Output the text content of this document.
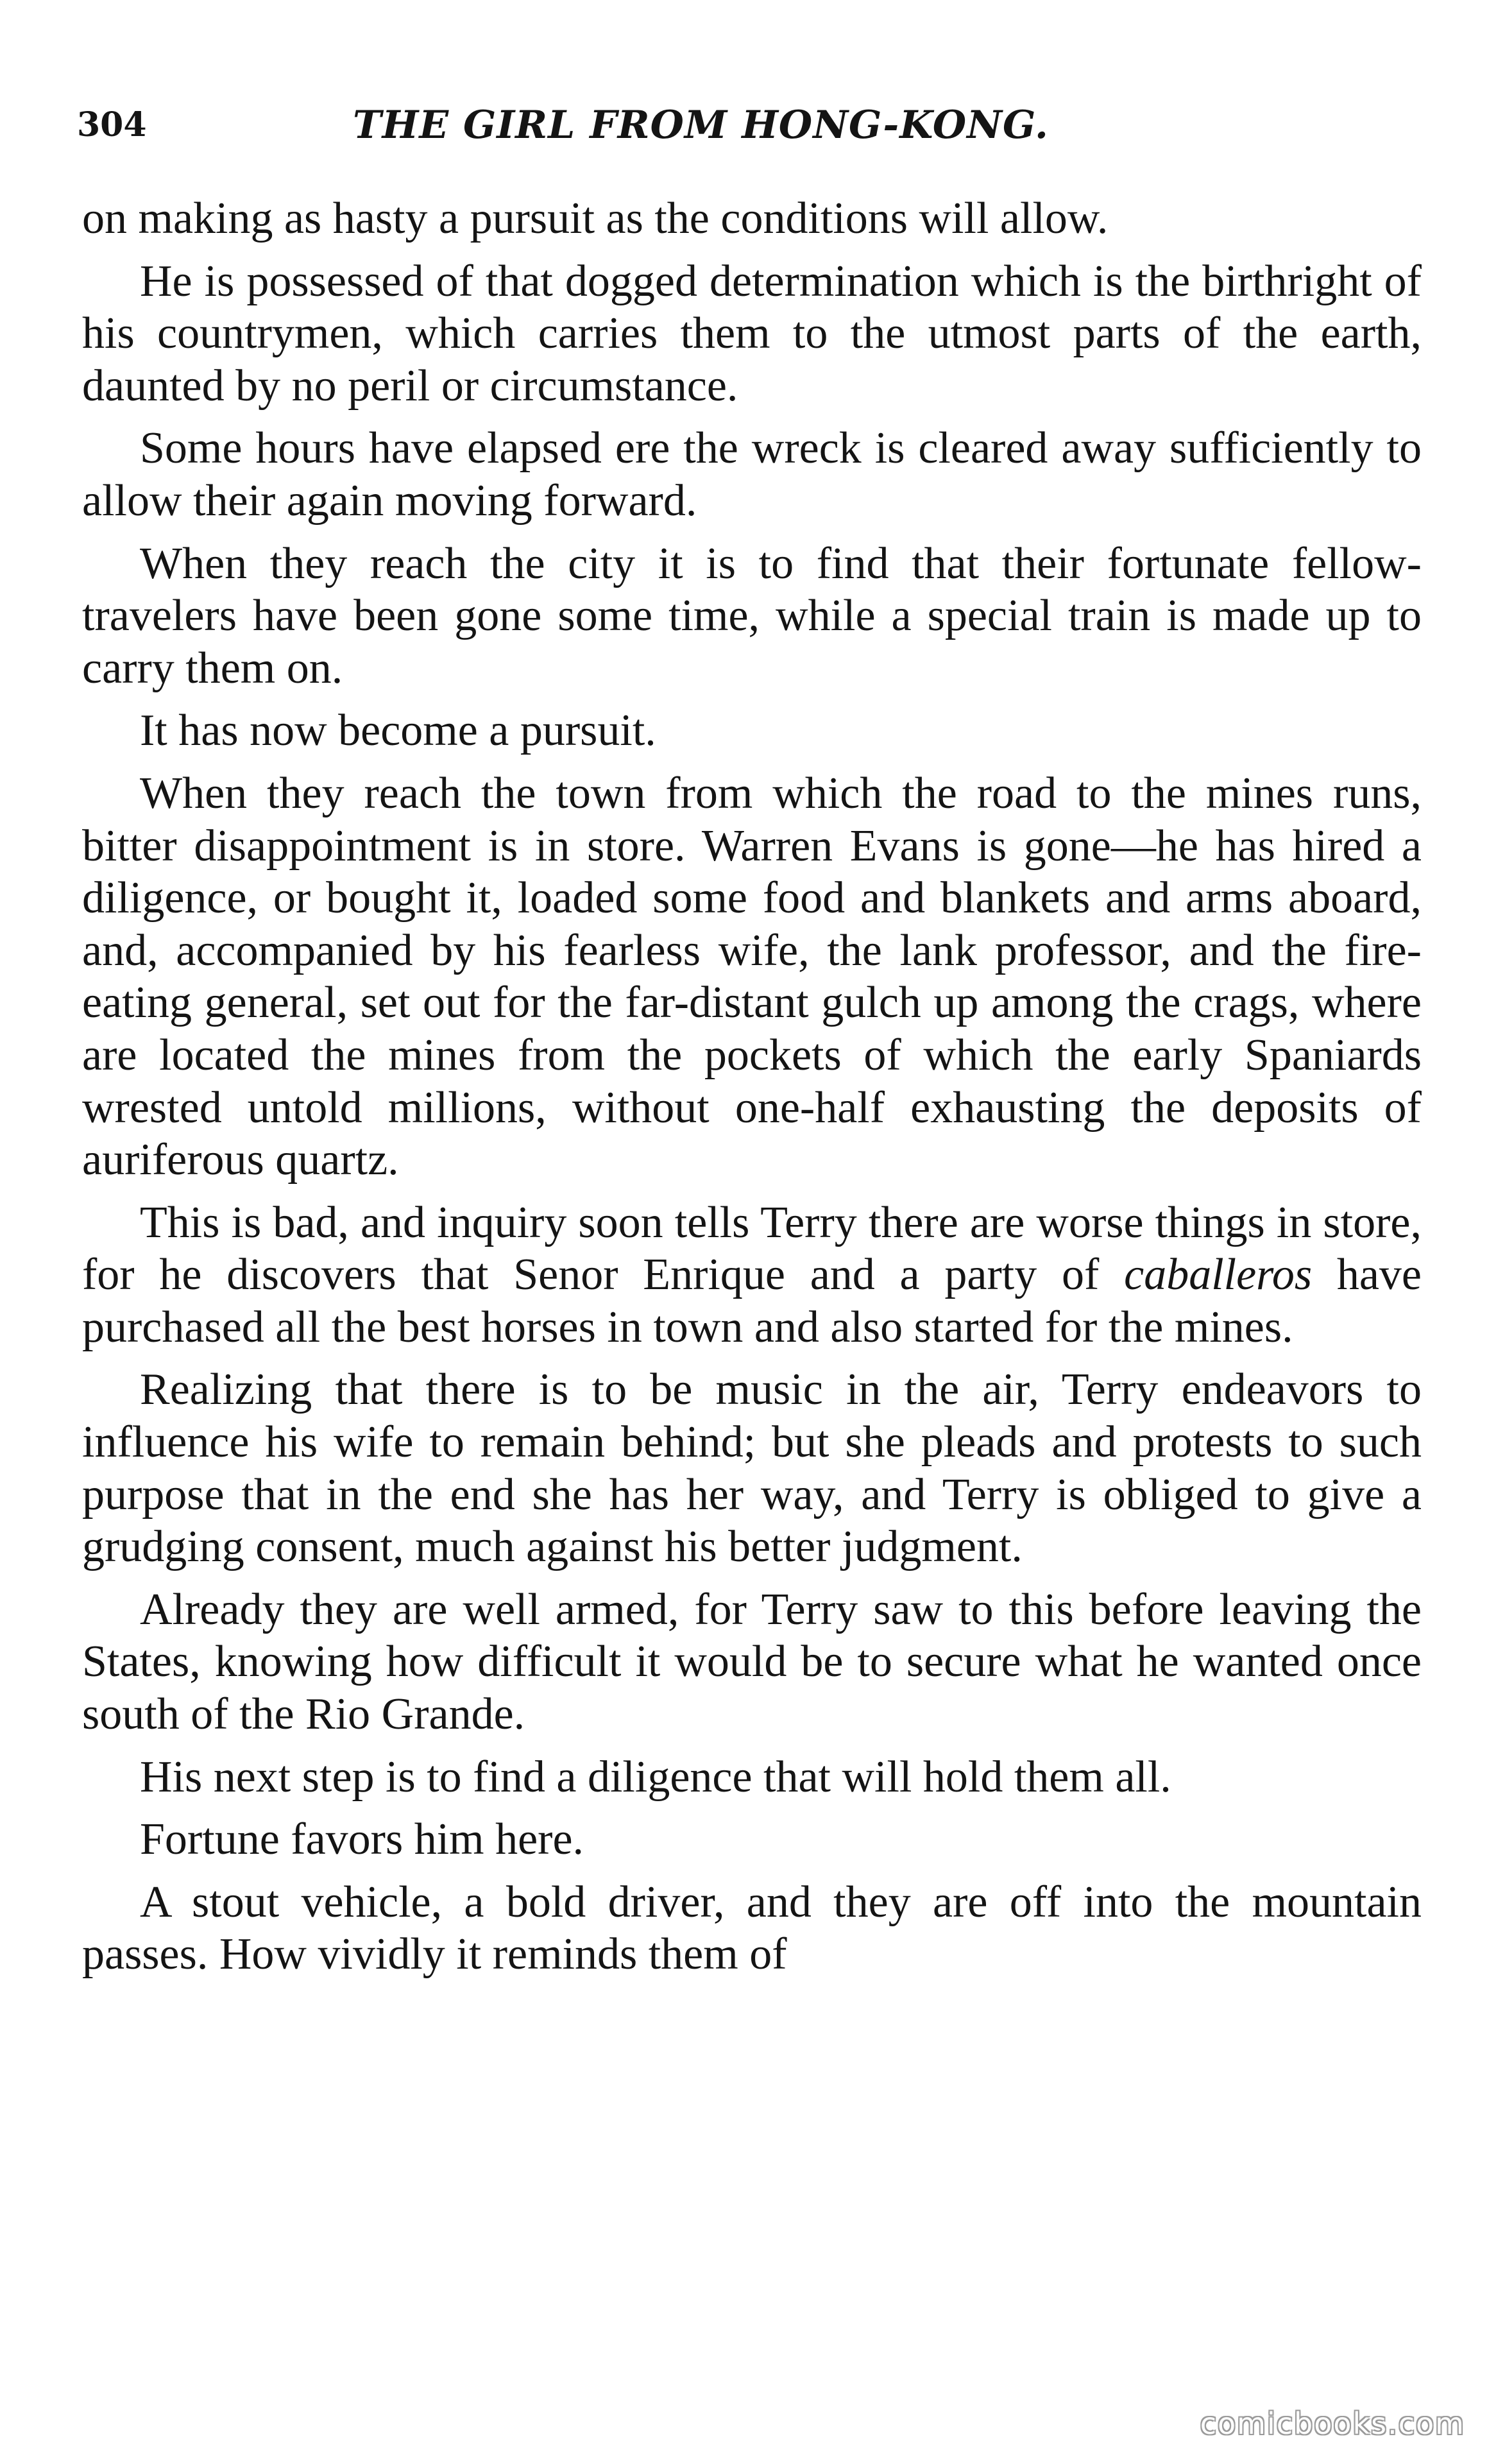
304	THE GIRL FROM HONG-KONG.

on making as hasty a pursuit as the conditions will allow.

He is possessed of that dogged determination which is the birthright of his countrymen, which carries them to the utmost parts of the earth, daunted by no peril or circumstance.

Some hours have elapsed ere the wreck is cleared away sufficiently to allow their again moving forward.

When they reach the city it is to find that their fortunate fellow-travelers have been gone some time, while a special train is made up to carry them on.

It has now become a pursuit.

When they reach the town from which the road to the mines runs, bitter disappointment is in store. Warren Evans is gone—he has hired a diligence, or bought it, loaded some food and blankets and arms aboard, and, accompanied by his fearless wife, the lank professor, and the fire-eating general, set out for the far-distant gulch up among the crags, where are located the mines from the pockets of which the early Spaniards wrested untold millions, without one-half exhausting the deposits of auriferous quartz.

This is bad, and inquiry soon tells Terry there are worse things in store, for he discovers that Senor Enrique and a party of caballeros have purchased all the best horses in town and also started for the mines.

Realizing that there is to be music in the air, Terry endeavors to influence his wife to remain behind; but she pleads and protests to such purpose that in the end she has her way, and Terry is obliged to give a grudging consent, much against his better judgment.

Already they are well armed, for Terry saw to this before leaving the States, knowing how difficult it would be to secure what he wanted once south of the Rio Grande.

His next step is to find a diligence that will hold them all.

Fortune favors him here.

A stout vehicle, a bold driver, and they are off into the mountain passes. How vividly it reminds them of

comicbooks.com
